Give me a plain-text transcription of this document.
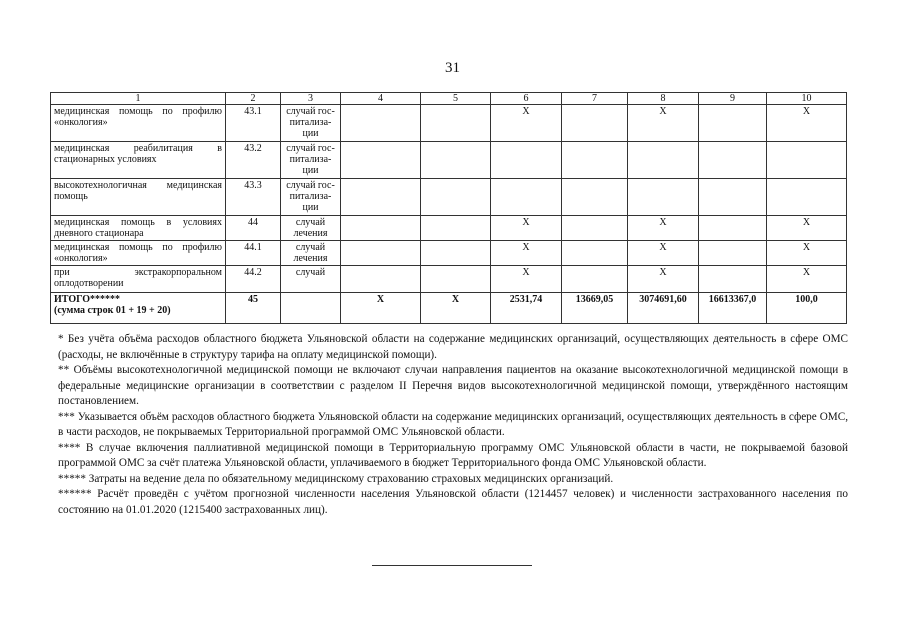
31
1	2	3	4	5	6	7	8	9	10
медицинская помощь по профилю «онкология»	43.1	случай гос-питализа-ции			Х		Х		Х
медицинская реабилитация в стационарных условиях	43.2	случай гос-питализа-ции							
высокотехнологичная медицинская помощь	43.3	случай гос-питализа-ции							
медицинская помощь в условиях дневного стационара	44	случай лечения			Х		Х		Х
медицинская помощь по профилю «онкология»	44.1	случай лечения			Х		Х		Х
при экстракорпоральном оплодотворении	44.2	случай			Х		Х		Х

ИТОГО******
(сумма строк 01 + 19 + 20)	45		Х	Х	2531,74	13669,05	3074691,60	16613367,0	100,0

* Без учёта объёма расходов областного бюджета Ульяновской области на содержание медицинских организаций, осуществляющих деятельность в сфере ОМС (расходы, не включённые в структуру тарифа на оплату медицинской помощи).

** Объёмы высокотехнологичной медицинской помощи не включают случаи направления пациентов на оказание высокотехнологичной медицинской помощи в федеральные медицинские организации в соответствии с разделом II Перечня видов высокотехнологичной медицинской помощи, утверждённого настоящим постановлением.

*** Указывается объём расходов областного бюджета Ульяновской области на содержание медицинских организаций, осуществляющих деятельность в сфере ОМС, в части расходов, не покрываемых Территориальной программой ОМС Ульяновской области.

**** В случае включения паллиативной медицинской помощи в Территориальную программу ОМС Ульяновской области в части, не покрываемой базовой программой ОМС за счёт платежа Ульяновской области, уплачиваемого в бюджет Территориального фонда ОМС Ульяновской области.

***** Затраты на ведение дела по обязательному медицинскому страхованию страховых медицинских организаций.

****** Расчёт проведён с учётом прогнозной численности населения Ульяновской области (1214457 человек) и численности застрахованного населения по состоянию на 01.01.2020 (1215400 застрахованных лиц).
